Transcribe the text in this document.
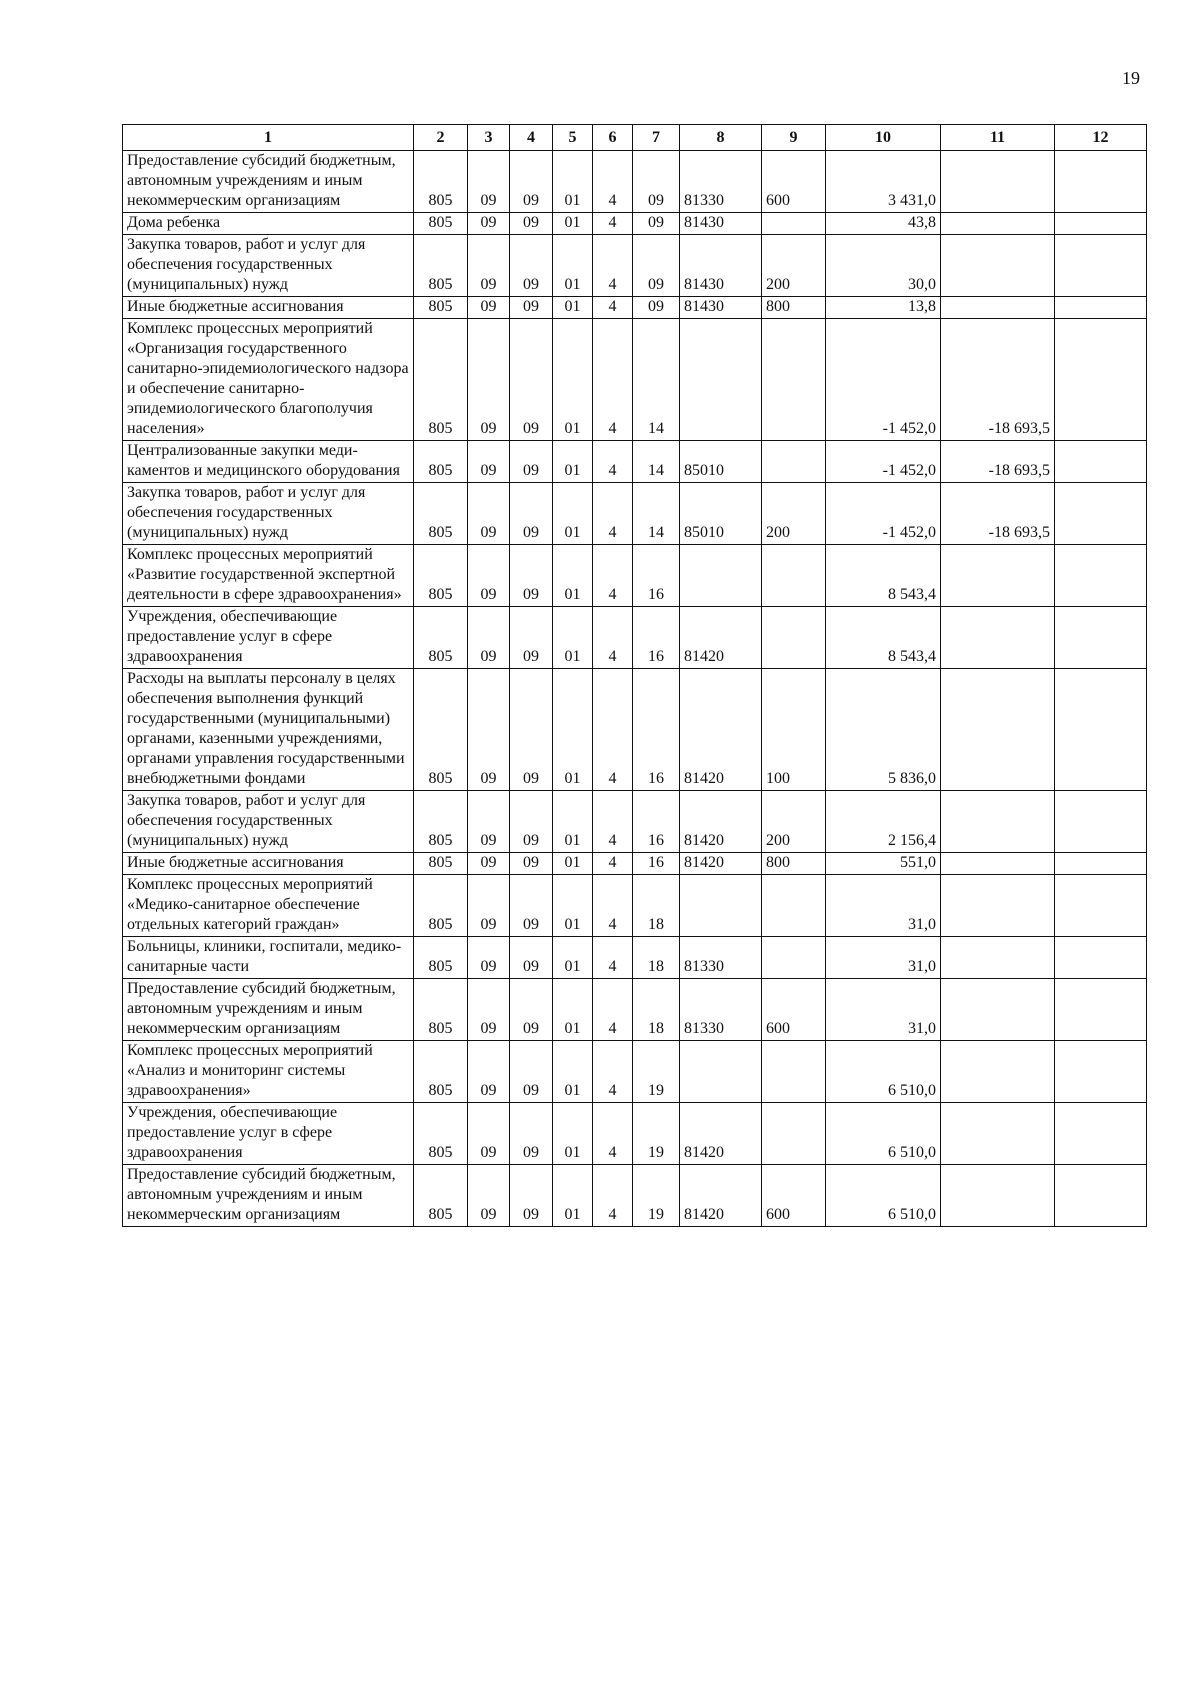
19
1	2	3	4	5	6	7	8	9	10	11	12
Предоставление субсидий бюджетным, автономным учреждениям и иным некоммерческим организациям	805	09	09	01	4	09	81330	600	3 431,0		
Дома ребенка	805	09	09	01	4	09	81430		43,8		
Закупка товаров, работ и услуг для обеспечения государственных (муниципальных) нужд	805	09	09	01	4	09	81430	200	30,0		
Иные бюджетные ассигнования	805	09	09	01	4	09	81430	800	13,8		
Комплекс процессных мероприятий «Организация государственного санитарно-эпидемиологического надзора и обеспечение санитарно-эпидемиологического благополучия населения»	805	09	09	01	4	14			-1 452,0	-18 693,5	
Централизованные закупки медикаментов и медицинского оборудования	805	09	09	01	4	14	85010		-1 452,0	-18 693,5	
Закупка товаров, работ и услуг для обеспечения государственных (муниципальных) нужд	805	09	09	01	4	14	85010	200	-1 452,0	-18 693,5	
Комплекс процессных мероприятий «Развитие государственной экспертной деятельности в сфере здравоохранения»	805	09	09	01	4	16			8 543,4		
Учреждения, обеспечивающие предоставление услуг в сфере здравоохранения	805	09	09	01	4	16	81420		8 543,4		
Расходы на выплаты персоналу в целях обеспечения выполнения функций государственными (муниципальными) органами, казенными учреждениями, органами управления государственными внебюджетными фондами	805	09	09	01	4	16	81420	100	5 836,0		
Закупка товаров, работ и услуг для обеспечения государственных (муниципальных) нужд	805	09	09	01	4	16	81420	200	2 156,4		
Иные бюджетные ассигнования	805	09	09	01	4	16	81420	800	551,0		
Комплекс процессных мероприятий «Медико-санитарное обеспечение отдельных категорий граждан»	805	09	09	01	4	18			31,0		
Больницы, клиники, госпитали, медико-санитарные части	805	09	09	01	4	18	81330		31,0		
Предоставление субсидий бюджетным, автономным учреждениям и иным некоммерческим организациям	805	09	09	01	4	18	81330	600	31,0		
Комплекс процессных мероприятий «Анализ и мониторинг системы здравоохранения»	805	09	09	01	4	19			6 510,0		
Учреждения, обеспечивающие предоставление услуг в сфере здравоохранения	805	09	09	01	4	19	81420		6 510,0		
Предоставление субсидий бюджетным, автономным учреждениям и иным некоммерческим организациям	805	09	09	01	4	19	81420	600	6 510,0		
